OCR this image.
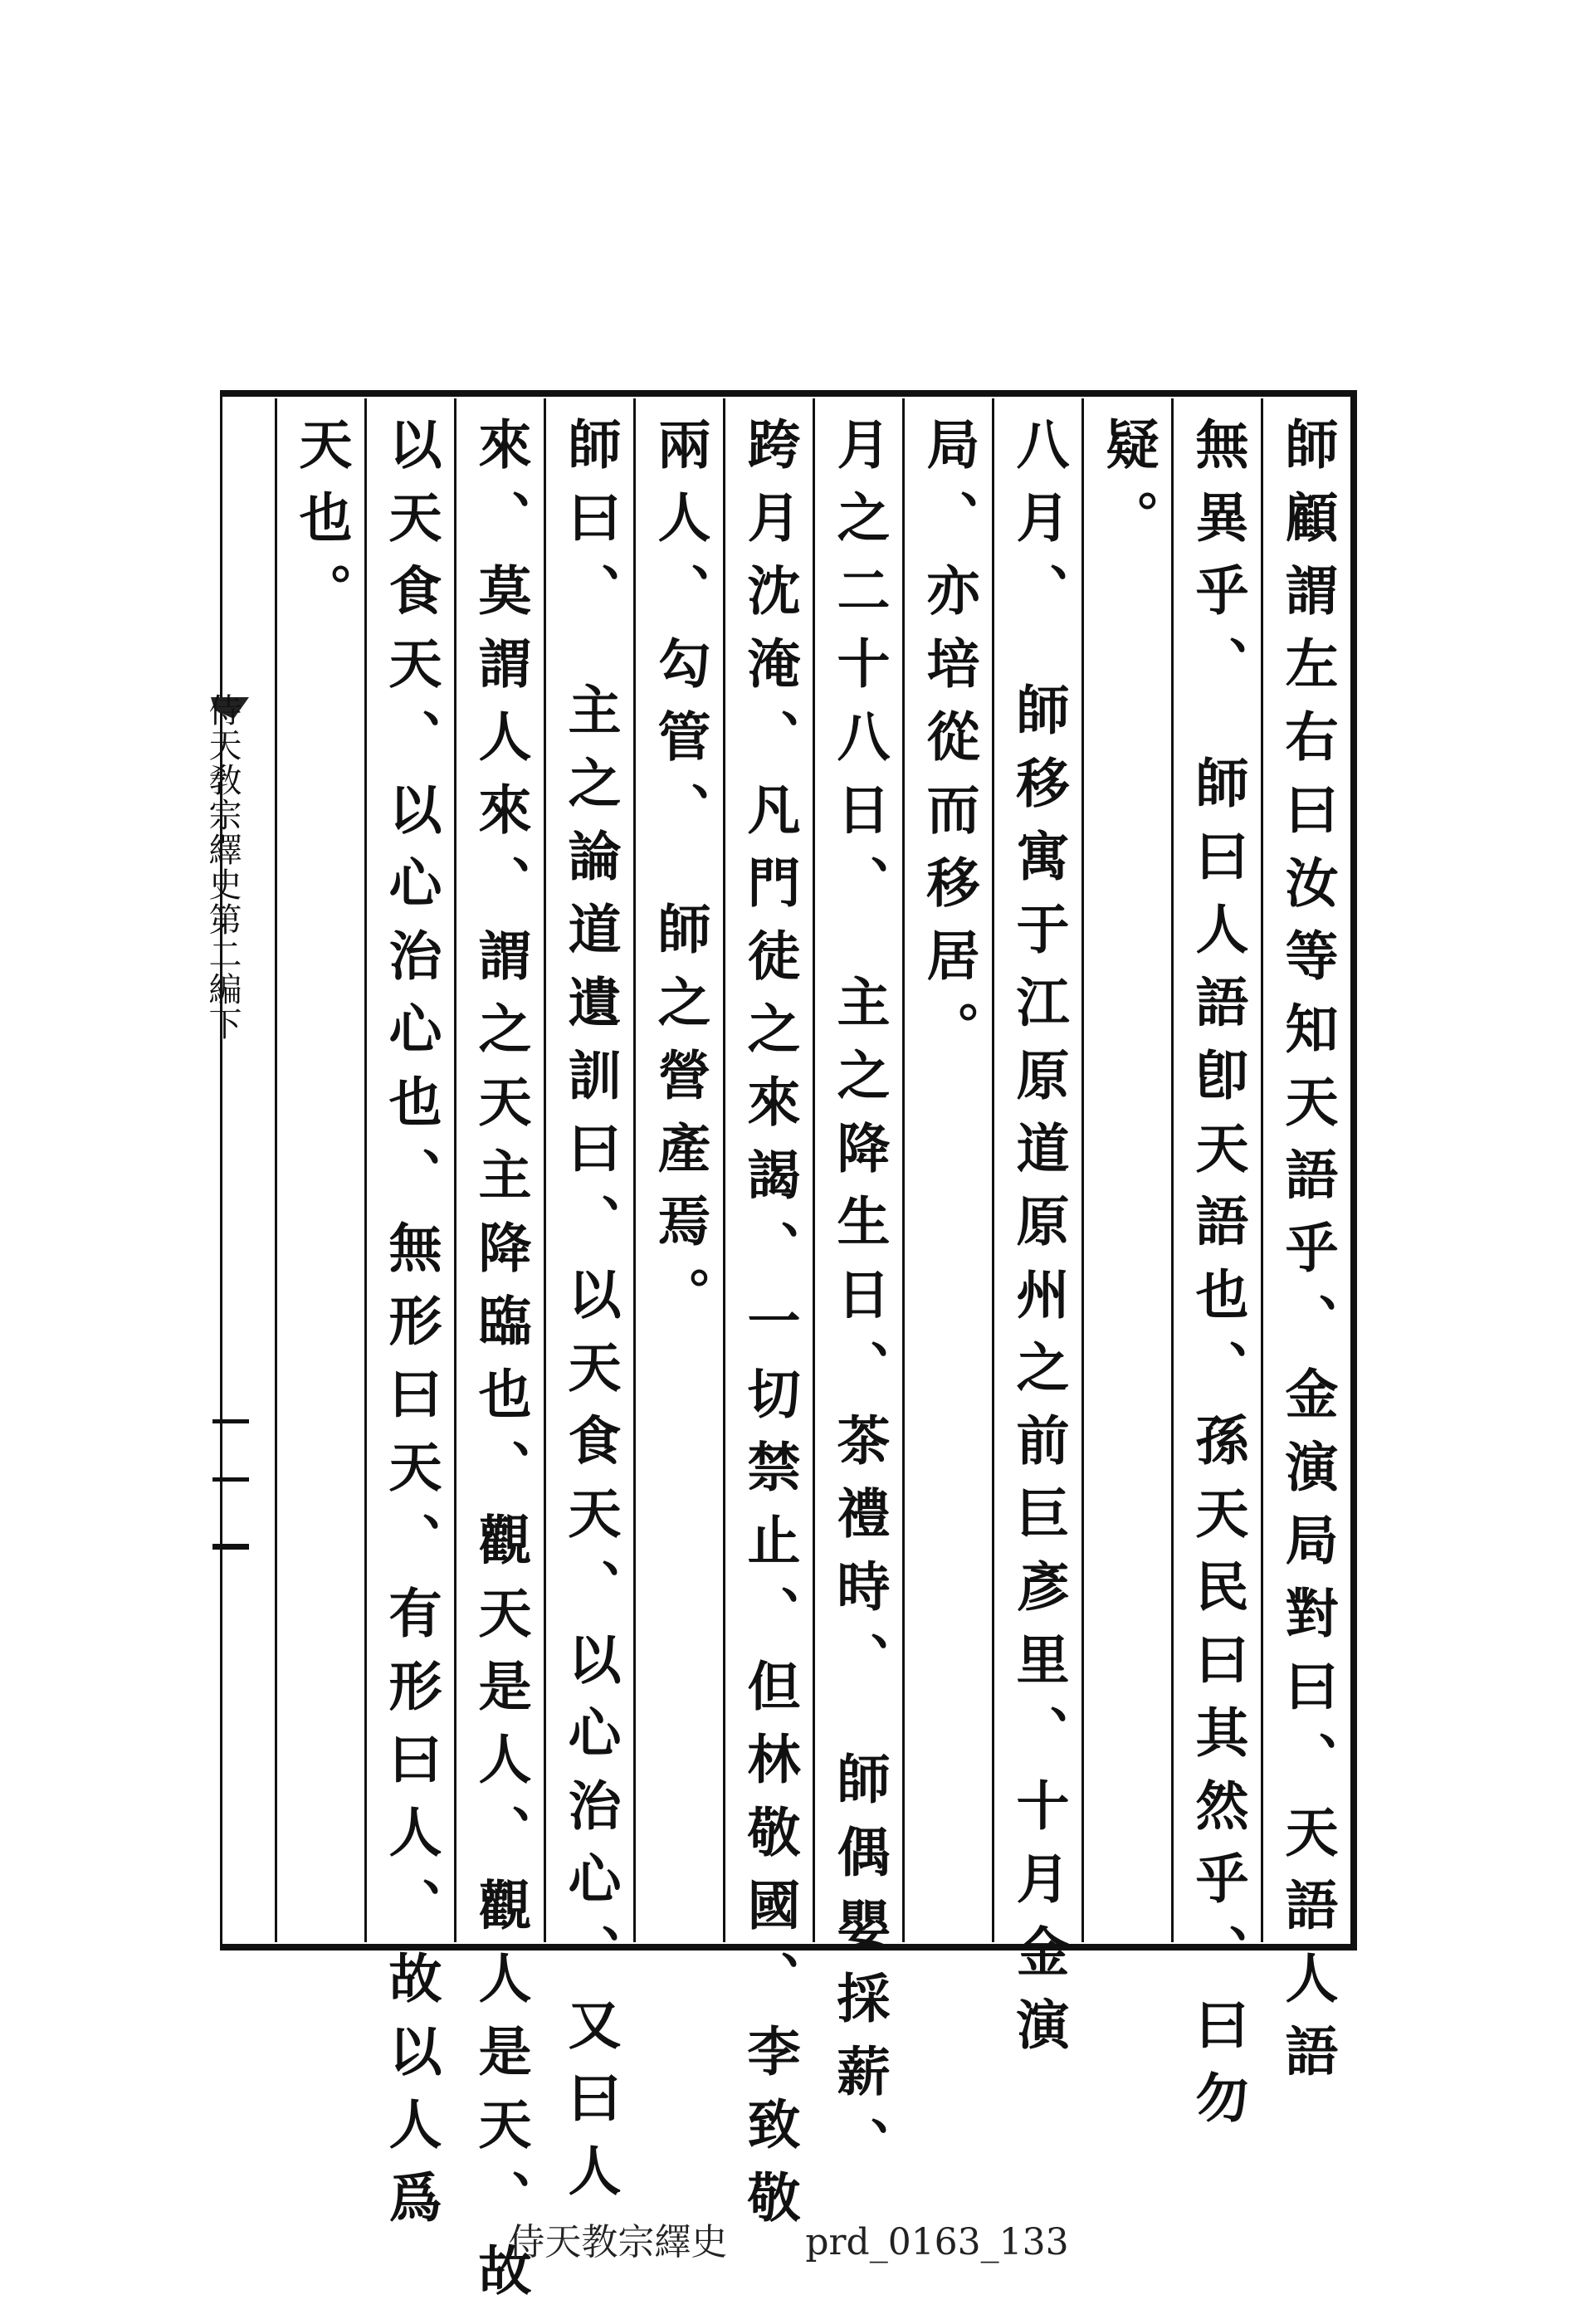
師顧謂左右曰汝等知天語乎、金演局對曰、天語人語
無異乎、　師曰人語卽天語也、孫天民曰其然乎、曰勿
疑。
八月、　師移寓于江原道原州之前巨彥里、十月金演
局、亦培從而移居。
月之二十八日、　主之降生日、茶禮時、　師偶嬰採薪、
跨月沈淹、凡門徒之來謁、一切禁止、但林敬國、李致敬
兩人、勾管、　師之營產焉。
師曰、　主之論道遺訓曰、以天食天、以心治心、又曰人
來、莫謂人來、謂之天主降臨也、觀天是人、觀人是天、故
以天食天、以心治心也、無形曰天、有形曰人、故以人爲
天也。
侍天敎宗繹史第二編下
侍天教宗繹史 prd_0163_133
